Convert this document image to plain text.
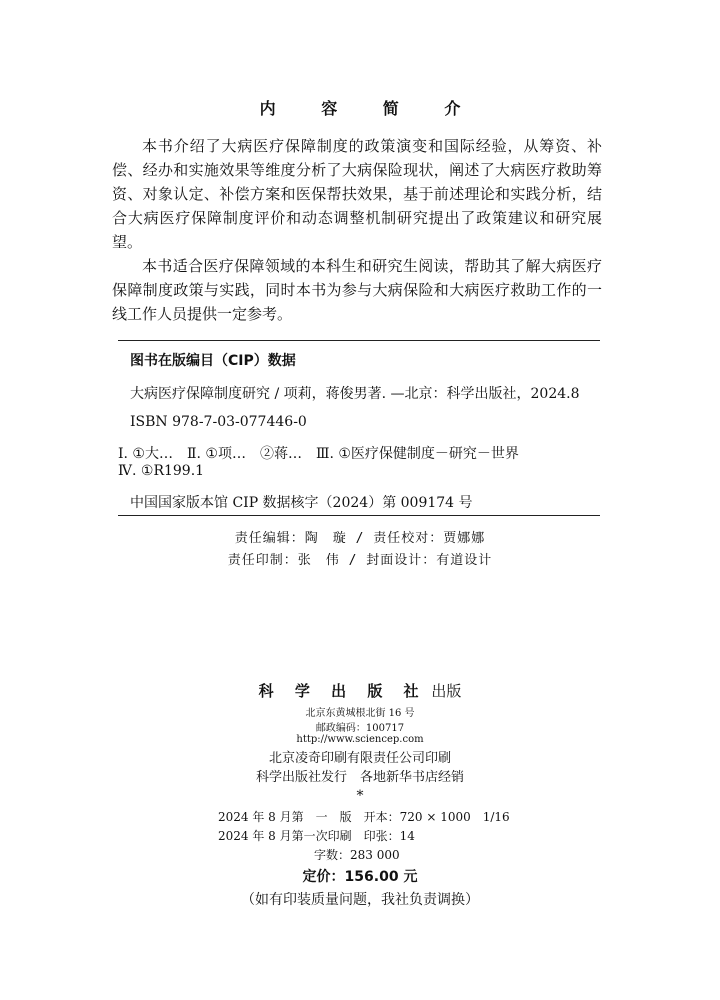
内 容 简 介

本书介绍了大病医疗保障制度的政策演变和国际经验，从筹资、补偿、经办和实施效果等维度分析了大病保险现状，阐述了大病医疗救助筹资、对象认定、补偿方案和医保帮扶效果，基于前述理论和实践分析，结合大病医疗保障制度评价和动态调整机制研究提出了政策建议和研究展望。

本书适合医疗保障领域的本科生和研究生阅读，帮助其了解大病医疗保障制度政策与实践，同时本书为参与大病保险和大病医疗救助工作的一线工作人员提供一定参考。

图书在版编目（CIP）数据
大病医疗保障制度研究 / 项莉，蒋俊男著. —北京：科学出版社，2024.8
ISBN 978-7-03-077446-0
Ⅰ. ①大…　Ⅱ. ①项…　②蒋…　Ⅲ. ①医疗保健制度－研究－世界
Ⅳ. ①R199.1
中国国家版本馆 CIP 数据核字（2024）第 009174 号
责任编辑：陶　璇 / 责任校对：贾娜娜
责任印制：张　伟 / 封面设计：有道设计
科 学 出 版 社 出版
北京东黄城根北街 16 号
邮政编码：100717
http://www.sciencep.com
北京凌奇印刷有限责任公司印刷
科学出版社发行　各地新华书店经销
*
2024 年 8 月第　一　版　开本：720 × 1000　1/16
2024 年 8 月第一次印刷　印张：14
字数：283 000
定价：156.00 元
（如有印装质量问题，我社负责调换）
